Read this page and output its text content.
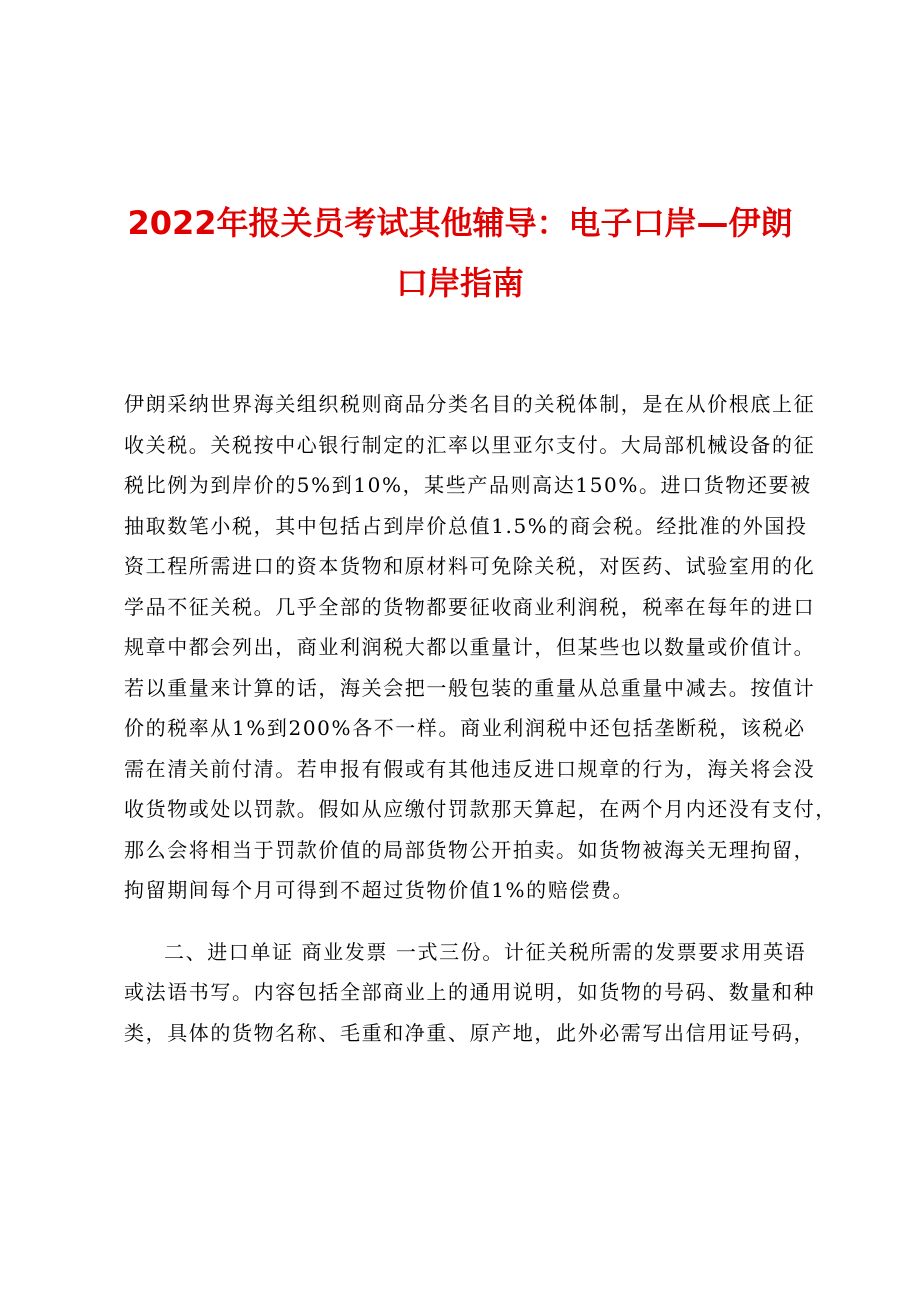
2022年报关员考试其他辅导：电子口岸—伊朗
口岸指南
伊朗采纳世界海关组织税则商品分类名目的关税体制，是在从价根底上征
收关税。关税按中心银行制定的汇率以里亚尔支付。大局部机械设备的征
税比例为到岸价的5%到10%，某些产品则高达150%。进口货物还要被
抽取数笔小税，其中包括占到岸价总值1.5%的商会税。经批准的外国投
资工程所需进口的资本货物和原材料可免除关税，对医药、试验室用的化
学品不征关税。几乎全部的货物都要征收商业利润税，税率在每年的进口
规章中都会列出，商业利润税大都以重量计，但某些也以数量或价值计。
若以重量来计算的话，海关会把一般包装的重量从总重量中减去。按值计
价的税率从1%到200%各不一样。商业利润税中还包括垄断税，该税必
需在清关前付清。若申报有假或有其他违反进口规章的行为，海关将会没
收货物或处以罚款。假如从应缴付罚款那天算起，在两个月内还没有支付，
那么会将相当于罚款价值的局部货物公开拍卖。如货物被海关无理拘留，
拘留期间每个月可得到不超过货物价值1%的赔偿费。
二、进口单证 商业发票 一式三份。计征关税所需的发票要求用英语
或法语书写。内容包括全部商业上的通用说明，如货物的号码、数量和种
类，具体的货物名称、毛重和净重、原产地，此外必需写出信用证号码，
